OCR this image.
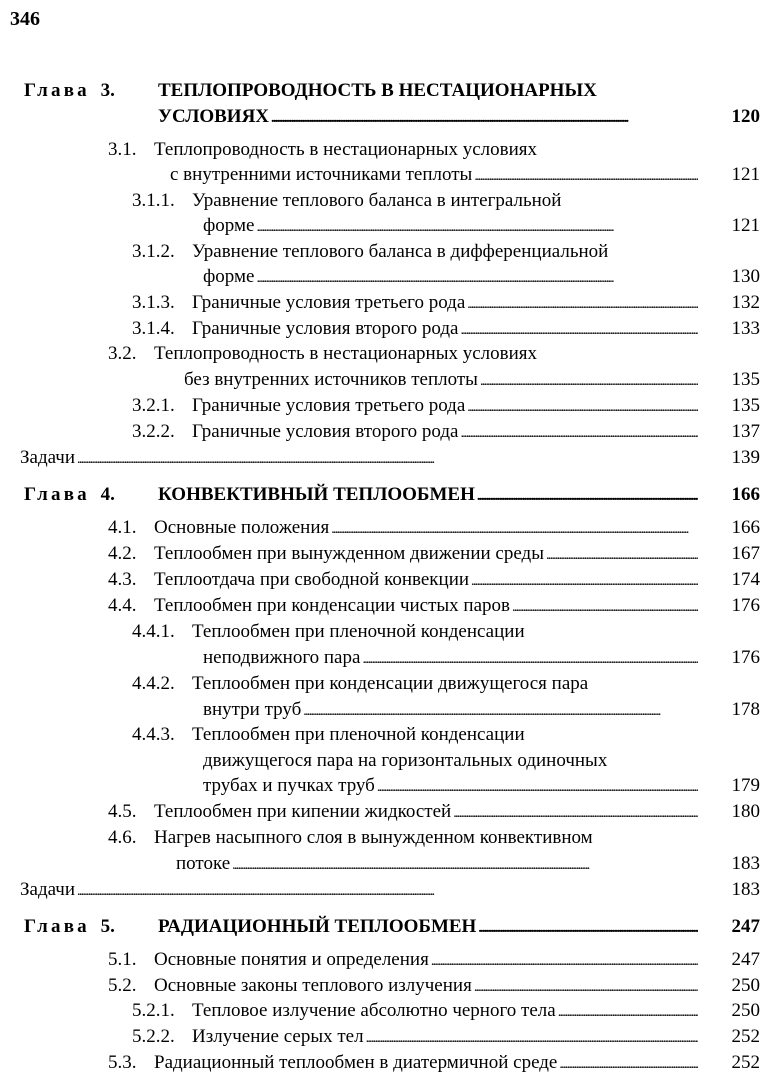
346
Глава 3. ТЕПЛОПРОВОДНОСТЬ В НЕСТАЦИОНАРНЫХ
УСЛОВИЯХ . . .	120
3.1. Теплопроводность в нестационарных условиях
с внутренними источниками теплоты . . .	121
3.1.1. Уравнение теплового баланса в интегральной
форме . . .	121
3.1.2. Уравнение теплового баланса в дифференциальной
форме . . .	130
3.1.3. Граничные условия третьего рода . . .	132
3.1.4. Граничные условия второго рода . . .	133
3.2. Теплопроводность в нестационарных условиях
без внутренних источников теплоты . . .	135
3.2.1. Граничные условия третьего рода . . .	135
3.2.2. Граничные условия второго рода . . .	137
Задачи . . .	139
Глава 4. КОНВЕКТИВНЫЙ ТЕПЛООБМЕН . . .	166
4.1. Основные положения . . .	166
4.2. Теплообмен при вынужденном движении среды . . .	167
4.3. Теплоотдача при свободной конвекции . . .	174
4.4. Теплообмен при конденсации чистых паров . . .	176
4.4.1. Теплообмен при пленочной конденсации
неподвижного пара . . .	176
4.4.2. Теплообмен при конденсации движущегося пара
внутри труб . . .	178
4.4.3. Теплообмен при пленочной конденсации
движущегося пара на горизонтальных одиночных
трубах и пучках труб . . .	179
4.5. Теплообмен при кипении жидкостей . . .	180
4.6. Нагрев насыпного слоя в вынужденном конвективном
потоке . . .	183
Задачи . . .	183
Глава 5. РАДИАЦИОННЫЙ ТЕПЛООБМЕН . . .	247
5.1. Основные понятия и определения . . .	247
5.2. Основные законы теплового излучения . . .	250
5.2.1. Тепловое излучение абсолютно черного тела . . .	250
5.2.2. Излучение серых тел . . .	252
5.3. Радиационный теплообмен в диатермичной среде . . .	252
